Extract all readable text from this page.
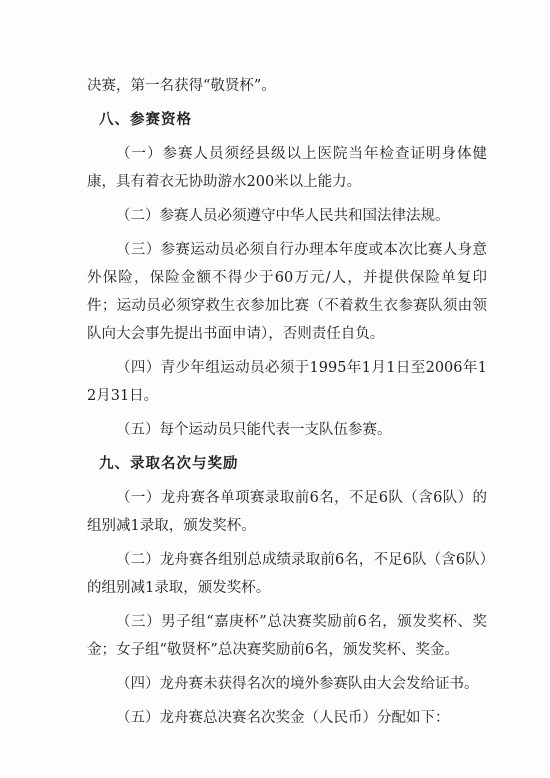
决赛，第一名获得“敬贤杯”。

八、参赛资格

（一）参赛人员须经县级以上医院当年检查证明身体健康，具有着衣无协助游水200米以上能力。

（二）参赛人员必须遵守中华人民共和国法律法规。

（三）参赛运动员必须自行办理本年度或本次比赛人身意外保险，保险金额不得少于60万元/人，并提供保险单复印件；运动员必须穿救生衣参加比赛（不着救生衣参赛队须由领队向大会事先提出书面申请），否则责任自负。

（四）青少年组运动员必须于1995年1月1日至2006年12月31日。

（五）每个运动员只能代表一支队伍参赛。

九、录取名次与奖励

（一）龙舟赛各单项赛录取前6名，不足6队（含6队）的组别减1录取，颁发奖杯。

（二）龙舟赛各组别总成绩录取前6名，不足6队（含6队）的组别减1录取，颁发奖杯。

（三）男子组“嘉庚杯”总决赛奖励前6名，颁发奖杯、奖金；女子组“敬贤杯”总决赛奖励前6名，颁发奖杯、奖金。

（四）龙舟赛未获得名次的境外参赛队由大会发给证书。

（五）龙舟赛总决赛名次奖金（人民币）分配如下：
